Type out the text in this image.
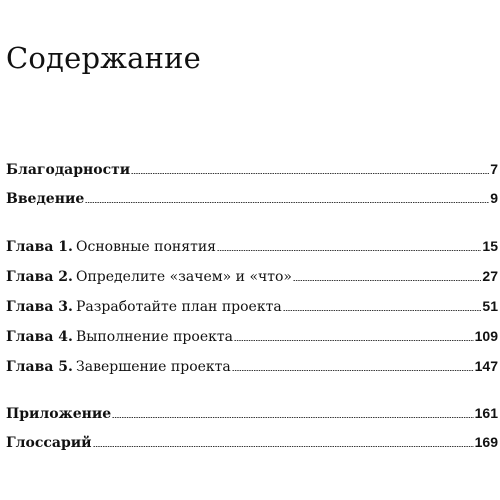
Содержание
Благодарности	7
Введение	9
Глава 1. Основные понятия	15
Глава 2. Определите «зачем» и «что»	27
Глава 3. Разработайте план проекта	51
Глава 4. Выполнение проекта	109
Глава 5. Завершение проекта	147
Приложение	161
Глоссарий	169
